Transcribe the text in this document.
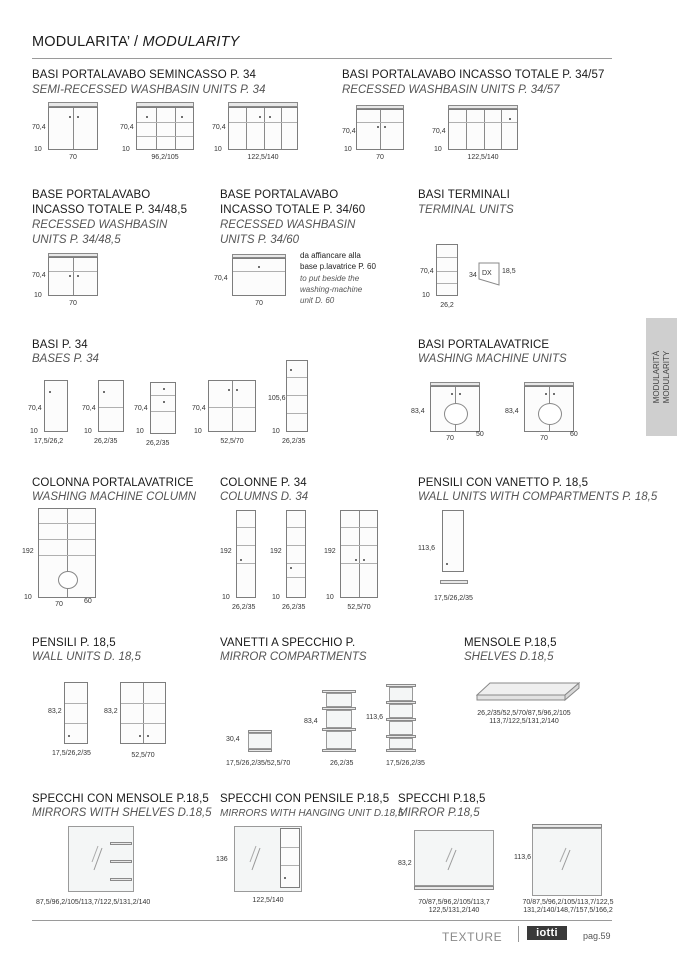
MODULARITA’ / MODULARITY
MODULARITÀ MODULARITY
BASI PORTALAVABO SEMINCASSO P. 34
SEMI-RECESSED WASHBASIN UNITS P. 34
70,4
10
70
70,4
10
96,2/105
70,4
10
122,5/140
BASI PORTALAVABO INCASSO TOTALE P. 34/57
RECESSED WASHBASIN UNITS P. 34/57
70,4
10
70
70,4
10
122,5/140
BASE PORTALAVABO
INCASSO TOTALE P. 34/48,5
RECESSED WASHBASIN
UNITS P. 34/48,5
70,4
10
70
BASE PORTALAVABO
INCASSO TOTALE P. 34/60
RECESSED WASHBASIN
UNITS P. 34/60
70,4
70
da affiancare alla
base p.lavatrice P. 60
to put beside the
washing-machine
unit D. 60
BASI TERMINALI
TERMINAL UNITS
70,4
10
26,2
34 DX 18,5
BASI P. 34
BASES P. 34
70,4
10
17,5/26,2
70,4
10
26,2/35
70,4
10
26,2/35
70,4
10
52,5/70
105,6
10
26,2/35
BASI PORTALAVATRICE
WASHING MACHINE UNITS
83,4
70
50
83,4
70
60
COLONNA PORTALAVATRICE
WASHING MACHINE COLUMN
192
10
70	60
COLONNE P. 34
COLUMNS D. 34
192
10
26,2/35
192
10
26,2/35
192
10
52,5/70
PENSILI CON VANETTO P. 18,5
WALL UNITS WITH COMPARTMENTS P. 18,5
113,6
17,5/26,2/35
PENSILI P. 18,5
WALL UNITS D. 18,5
83,2
17,5/26,2/35
83,2
52,5/70
VANETTI A SPECCHIO P.
MIRROR COMPARTMENTS
30,4
17,5/26,2/35/52,5/70
83,4
26,2/35
113,6
17,5/26,2/35
MENSOLE P.18,5
SHELVES D.18,5
26,2/35/52,5/70/87,5/96,2/105
113,7/122,5/131,2/140
SPECCHI CON MENSOLE P.18,5
MIRRORS WITH SHELVES D.18,5
87,5/96,2/105/113,7/122,5/131,2/140
SPECCHI CON PENSILE P.18,5
MIRRORS WITH HANGING UNIT D.18,5
136
122,5/140
SPECCHI P.18,5
MIRROR P.18,5
83,2
70/87,5/96,2/105/113,7
122,5/131,2/140
113,6
70/87,5/96,2/105/113,7/122,5
131,2/140/148,7/157,5/166,2
TEXTURE	iotti	pag.59
